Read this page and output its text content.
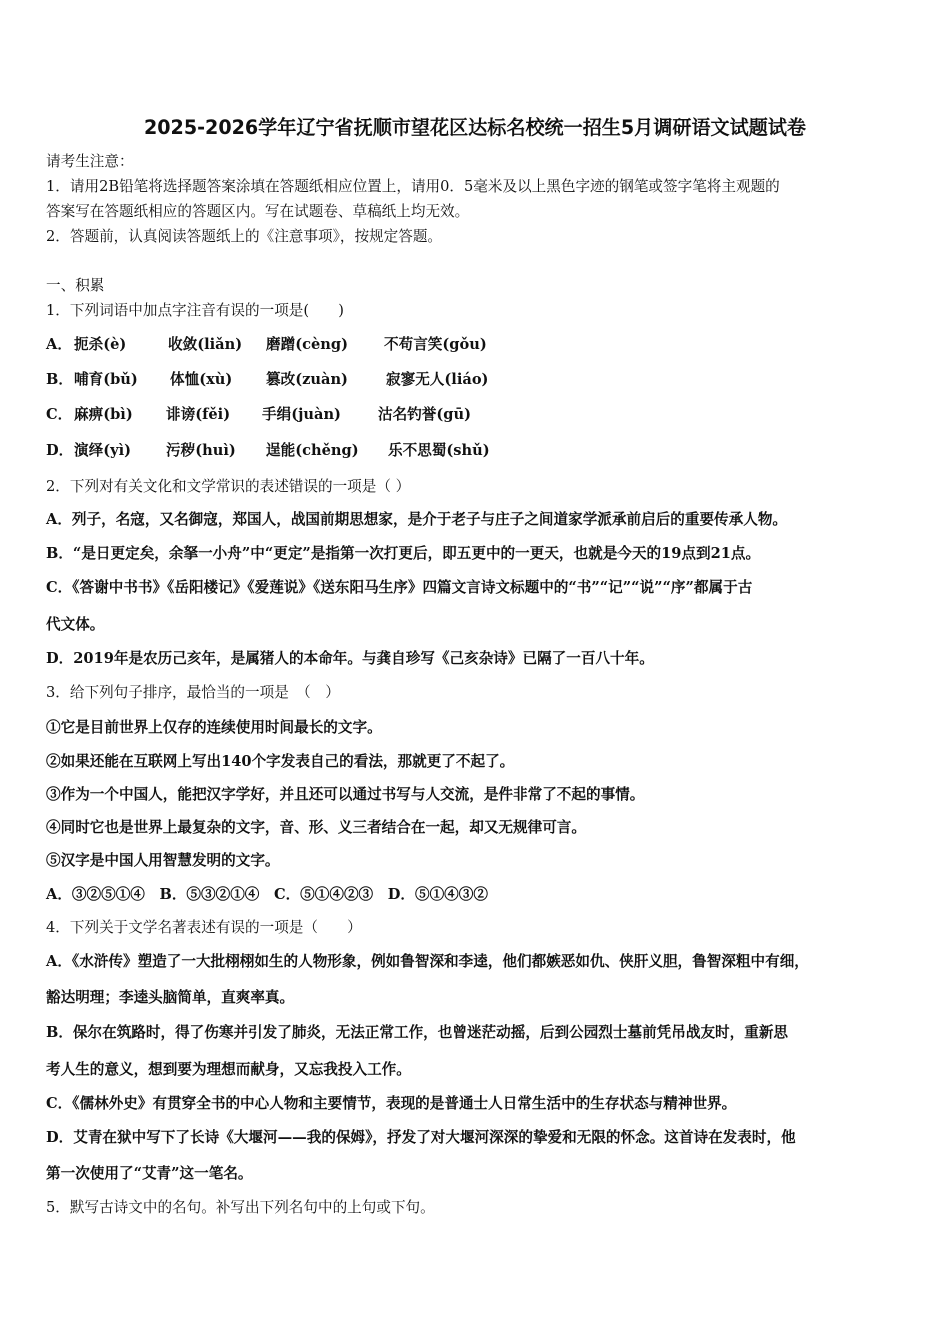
2025-2026学年辽宁省抚顺市望花区达标名校统一招生5月调研语文试题试卷
请考生注意：
1．请用2B铅笔将选择题答案涂填在答题纸相应位置上，请用0．5毫米及以上黑色字迹的钢笔或签字笔将主观题的
答案写在答题纸相应的答题区内。写在试题卷、草稿纸上均无效。
2．答题前，认真阅读答题纸上的《注意事项》，按规定答题。
一、积累
1．下列词语中加点字注音有误的一项是(　　)
A． 扼杀(è)	收敛(liǎn) 磨蹭(cèng) 不苟言笑(gǒu)
B． 哺育(bǔ) 体恤(xù) 篡改(zuàn)	寂寥无人(liáo)
C． 麻痹(bì) 诽谤(fěi) 手绢(juàn)	沽名钓誉(gū)
D． 演绎(yì) 污秽(huì) 逞能(chěng) 乐不思蜀(shǔ)
2．下列对有关文化和文学常识的表述错误的一项是（ ）
A．列子，名寇，又名御寇，郑国人，战国前期思想家，是介于老子与庄子之间道家学派承前启后的重要传承人物。
B．“是日更定矣，余拏一小舟”中“更定”是指第一次打更后，即五更中的一更天，也就是今天的19点到21点。
C．《答谢中书书》《岳阳楼记》《爱莲说》《送东阳马生序》四篇文言诗文标题中的“书”“记”“说”“序”都属于古
代文体。
D．2019年是农历己亥年，是属猪人的本命年。与龚自珍写《己亥杂诗》已隔了一百八十年。
3．给下列句子排序，最恰当的一项是　（　）
①它是目前世界上仅存的连续使用时间最长的文字。
②如果还能在互联网上写出140个字发表自己的看法，那就更了不起了。
③作为一个中国人，能把汉字学好，并且还可以通过书写与人交流，是件非常了不起的事情。
④同时它也是世界上最复杂的文字，音、形、义三者结合在一起，却又无规律可言。
⑤汉字是中国人用智慧发明的文字。
A．③②⑤①④　B．⑤③②①④　C．⑤①④②③　D．⑤①④③②
4．下列关于文学名著表述有误的一项是（　　）
A．《水浒传》塑造了一大批栩栩如生的人物形象，例如鲁智深和李逵，他们都嫉恶如仇、侠肝义胆，鲁智深粗中有细，
豁达明理；李逵头脑简单，直爽率真。
B．保尔在筑路时，得了伤寒并引发了肺炎，无法正常工作，也曾迷茫动摇，后到公园烈士墓前凭吊战友时，重新思
考人生的意义，想到要为理想而献身，又忘我投入工作。
C．《儒林外史》有贯穿全书的中心人物和主要情节，表现的是普通士人日常生活中的生存状态与精神世界。
D．艾青在狱中写下了长诗《大堰河——我的保姆》，抒发了对大堰河深深的挚爱和无限的怀念。这首诗在发表时，他
第一次使用了“艾青”这一笔名。
5．默写古诗文中的名句。补写出下列名句中的上句或下句。
